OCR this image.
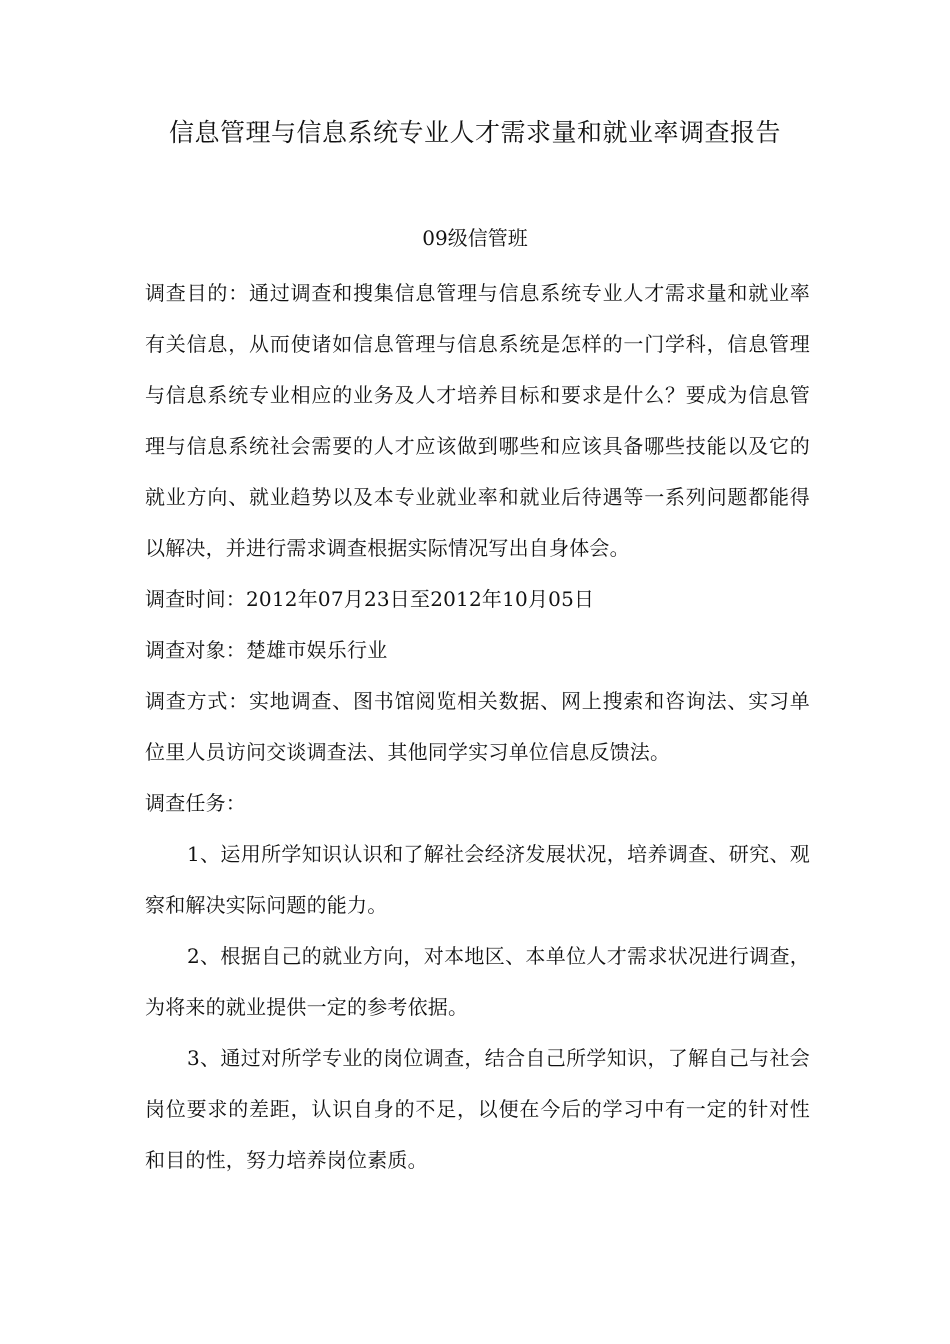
信息管理与信息系统专业人才需求量和就业率调查报告
09级信管班

调查目的：通过调查和搜集信息管理与信息系统专业人才需求量和就业率有关信息，从而使诸如信息管理与信息系统是怎样的一门学科，信息管理与信息系统专业相应的业务及人才培养目标和要求是什么？要成为信息管理与信息系统社会需要的人才应该做到哪些和应该具备哪些技能以及它的就业方向、就业趋势以及本专业就业率和就业后待遇等一系列问题都能得以解决，并进行需求调查根据实际情况写出自身体会。

调查时间：2012年07月23日至2012年10月05日

调查对象：楚雄市娱乐行业

调查方式：实地调查、图书馆阅览相关数据、网上搜索和咨询法、实习单位里人员访问交谈调查法、其他同学实习单位信息反馈法。

调查任务：

1、运用所学知识认识和了解社会经济发展状况，培养调查、研究、观察和解决实际问题的能力。

2、根据自己的就业方向，对本地区、本单位人才需求状况进行调查，为将来的就业提供一定的参考依据。

3、通过对所学专业的岗位调查，结合自己所学知识，了解自己与社会岗位要求的差距，认识自身的不足，以便在今后的学习中有一定的针对性和目的性，努力培养岗位素质。
